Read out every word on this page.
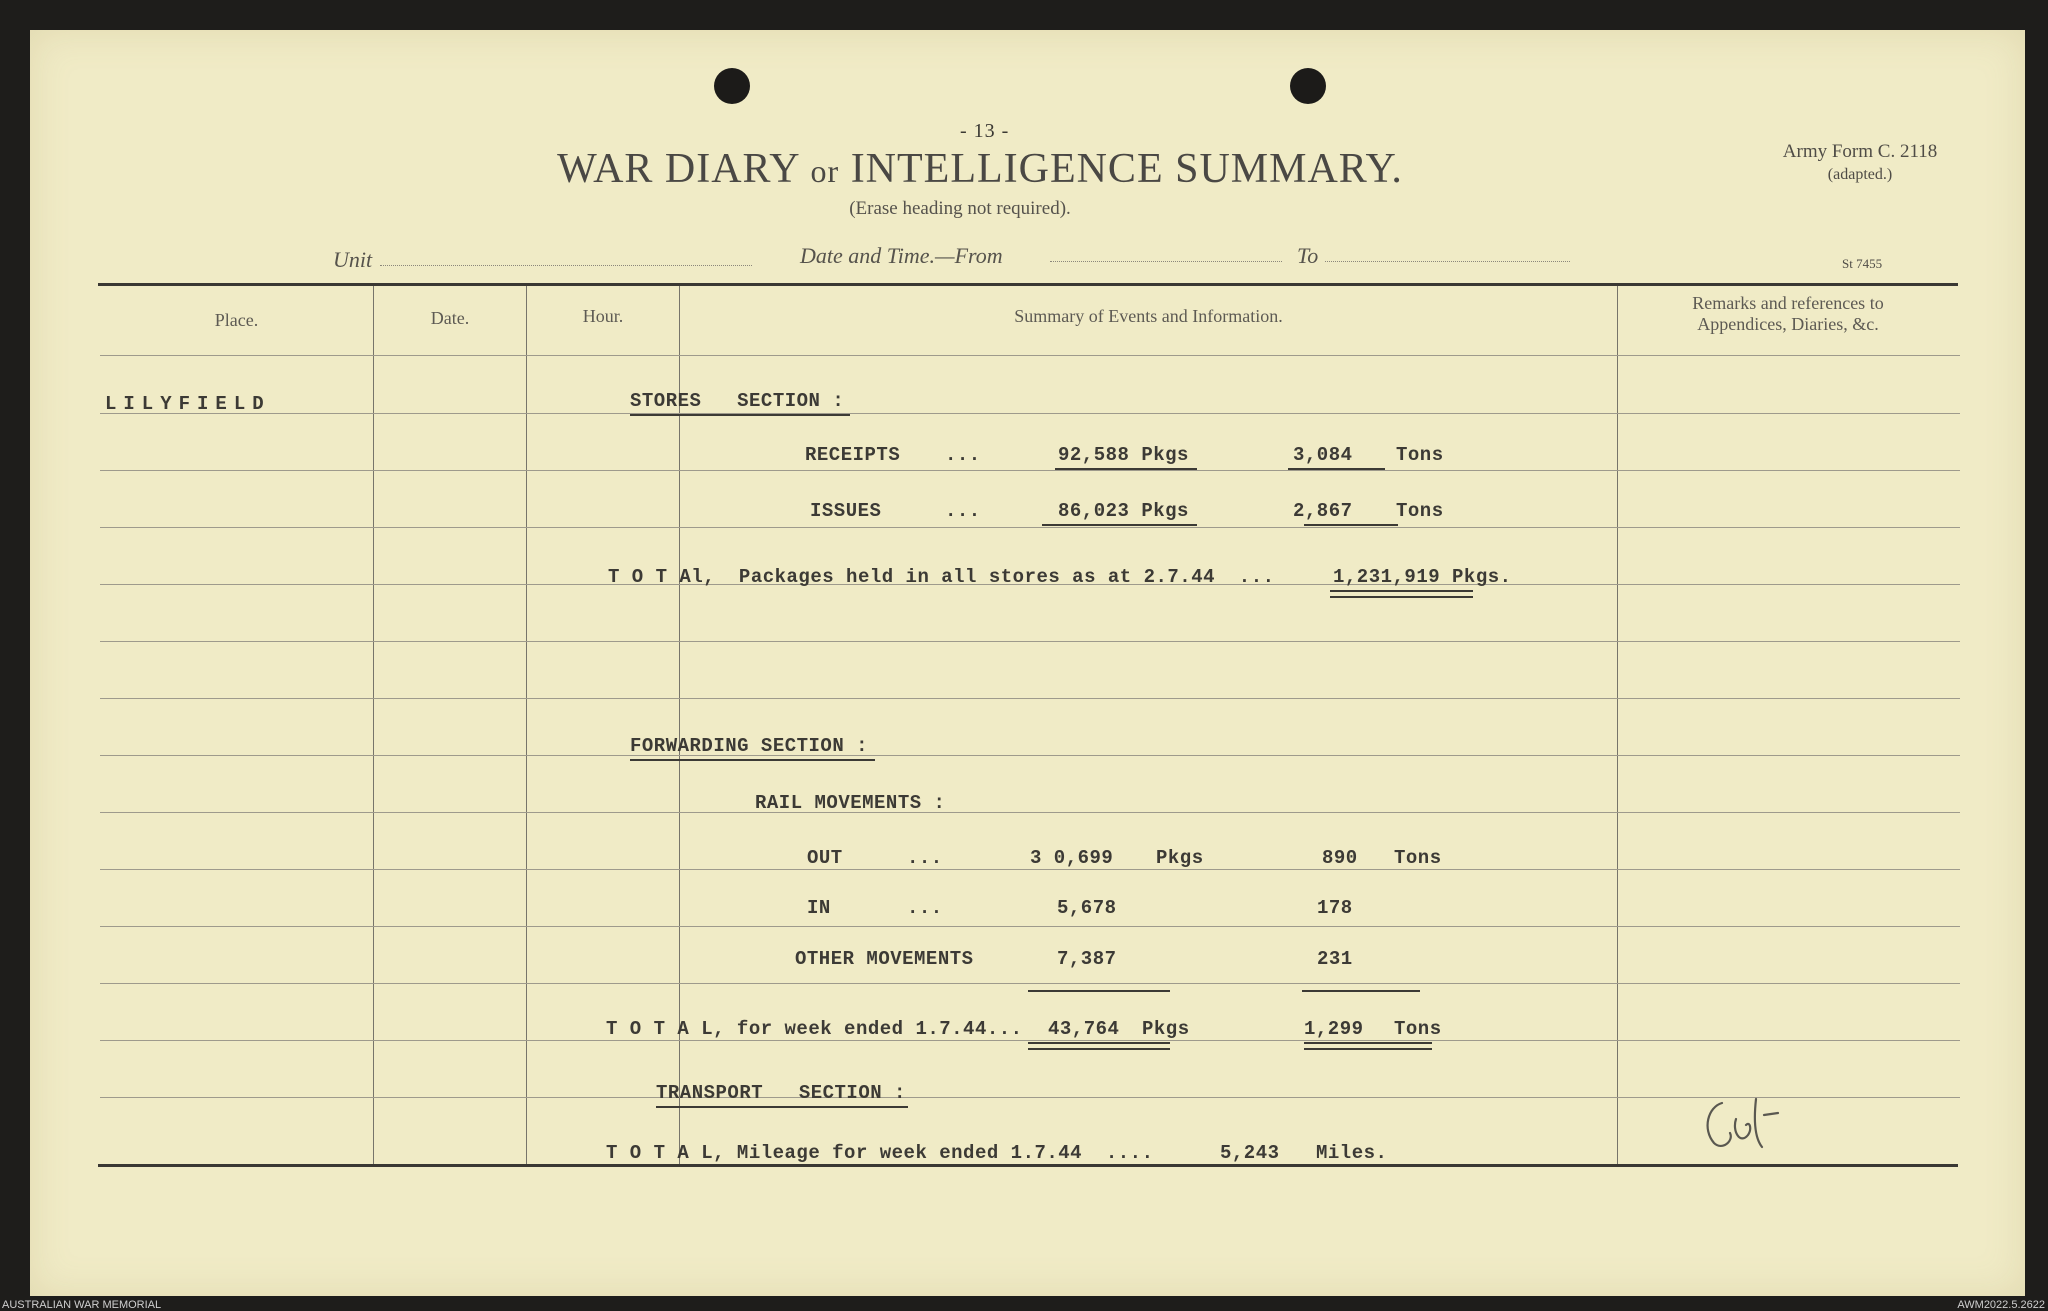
- 13 -
WAR DIARY or INTELLIGENCE SUMMARY.
(Erase heading not required).
Army Form C. 2118
(adapted.)
St 7455
Unit	Date and Time.—From	To
Place.	Date.	Hour.	Summary of Events and Information.
Remarks and references to
Appendices, Diaries, &c.
LILYFIELD	STORES   SECTION :
RECEIPTS ...	92,588 Pkgs	3,084 Tons
ISSUES	...	86,023 Pkgs	2,867 Tons
T O T Al,  Packages held in all stores as at 2.7.44  ...	1,231,919 Pkgs.
FORWARDING SECTION :
RAIL MOVEMENTS :
OUT	...	3 0,699 Pkgs	890 Tons
IN	...	5,678	178
OTHER MOVEMENTS	7,387	231
T O T A L, for week ended 1.7.44... 43,764 Pkgs	1,299 Tons
TRANSPORT   SECTION :
T O T A L, Mileage for week ended 1.7.44  ....	5,243 Miles.
AUSTRALIAN WAR MEMORIAL	AWM2022.5.2622
